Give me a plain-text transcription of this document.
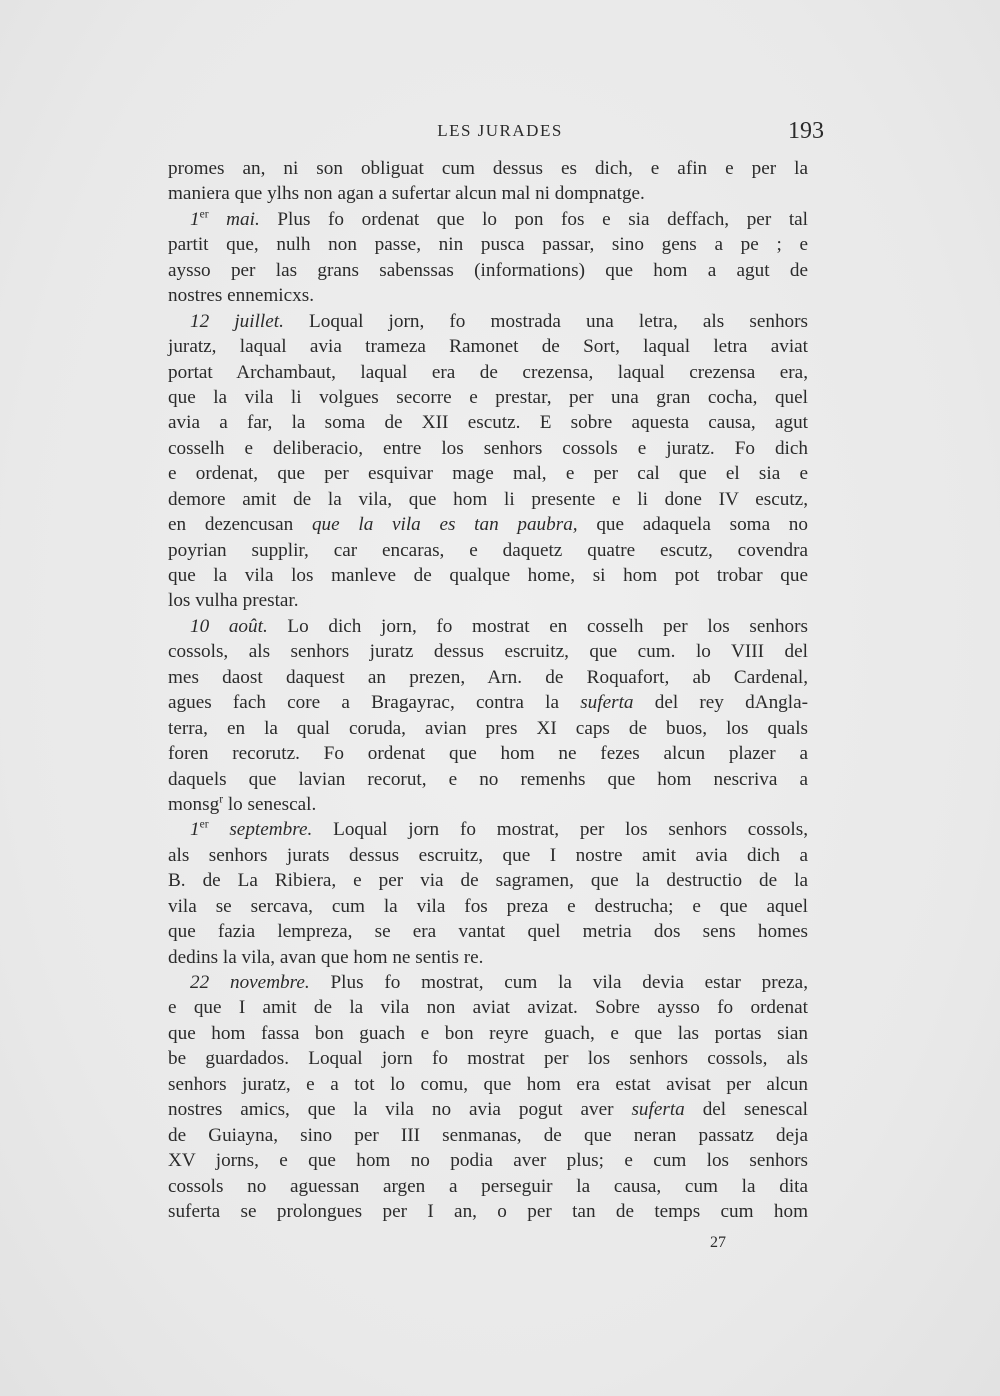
LES JURADES	193
promes an, ni son obliguat cum dessus es dich, e afin e per la
maniera que ylhs non agan a sufertar alcun mal ni dompnatge.
1er mai. Plus fo ordenat que lo pon fos e sia deffach, per tal
partit que, nulh non passe, nin pusca passar, sino gens a pe ; e
aysso per las grans sabenssas (informations) que hom a agut de
nostres ennemicxs.
12 juillet. Loqual jorn, fo mostrada una letra, als senhors
juratz, laqual avia trameza Ramonet de Sort, laqual letra aviat
portat Archambaut, laqual era de crezensa, laqual crezensa era,
que la vila li volgues secorre e prestar, per una gran cocha, quel
avia a far, la soma de XII escutz. E sobre aquesta causa, agut
cosselh e deliberacio, entre los senhors cossols e juratz. Fo dich
e ordenat, que per esquivar mage mal, e per cal que el sia e
demore amit de la vila, que hom li presente e li done IV escutz,
en dezencusan que la vila es tan paubra, que adaquela soma no
poyrian supplir, car encaras, e daquetz quatre escutz, covendra
que la vila los manleve de qualque home, si hom pot trobar que
los vulha prestar.
10 août. Lo dich jorn, fo mostrat en cosselh per los senhors
cossols, als senhors juratz dessus escruitz, que cum. lo VIII del
mes daost daquest an prezen, Arn. de Roquafort, ab Cardenal,
agues fach core a Bragayrac, contra la suferta del rey dAngla-
terra, en la qual coruda, avian pres XI caps de buos, los quals
foren recorutz. Fo ordenat que hom ne fezes alcun plazer a
daquels que lavian recorut, e no remenhs que hom nescriva a
monsg$^r$ lo senescal.
1er septembre. Loqual jorn fo mostrat, per los senhors cossols,
als senhors jurats dessus escruitz, que I nostre amit avia dich a
B. de La Ribiera, e per via de sagramen, que la destructio de la
vila se sercava, cum la vila fos preza e destrucha; e que aquel
que fazia lempreza, se era vantat quel metria dos sens homes
dedins la vila, avan que hom ne sentis re.
22 novembre. Plus fo mostrat, cum la vila devia estar preza,
e que I amit de la vila non aviat avizat. Sobre aysso fo ordenat
que hom fassa bon guach e bon reyre guach, e que las portas sian
be guardados. Loqual jorn fo mostrat per los senhors cossols, als
senhors juratz, e a tot lo comu, que hom era estat avisat per alcun
nostres amics, que la vila no avia pogut aver suferta del senescal
de Guiayna, sino per III senmanas, de que neran passatz deja
XV jorns, e que hom no podia aver plus; e cum los senhors
cossols no aguessan argen a perseguir la causa, cum la dita
suferta se prolongues per I an, o per tan de temps cum hom
27
